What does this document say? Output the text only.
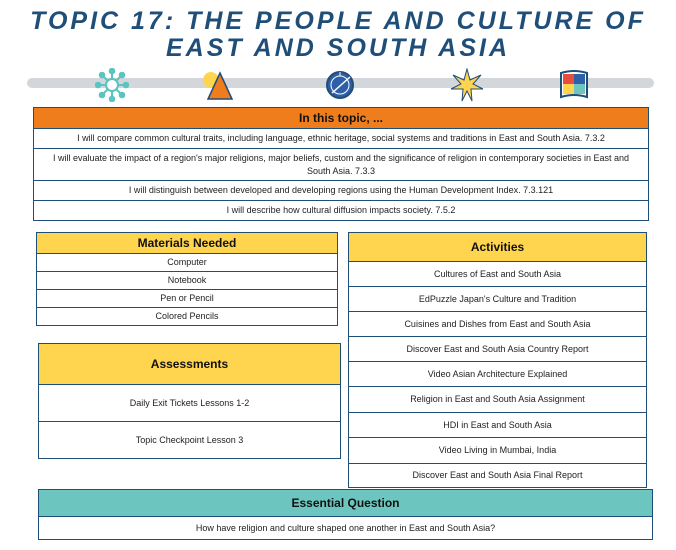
TOPIC 17: THE PEOPLE AND CULTURE OF
EAST AND SOUTH ASIA
In this topic, ...
I will compare common cultural traits, including language, ethnic heritage, social systems and traditions in East and South Asia. 7.3.2
I will evaluate the impact of a region's major religions, major beliefs, custom and the significance of religion in contemporary societies in East and South Asia. 7.3.3
I will distinguish between developed and developing regions using the Human Development Index. 7.3.121
I will describe how cultural diffusion impacts society. 7.5.2
Materials Needed
Computer
Notebook
Pen or Pencil
Colored Pencils
Assessments
Daily Exit Tickets Lessons 1-2
Topic Checkpoint Lesson 3
Activities
Cultures of East and South Asia
EdPuzzle Japan's Culture and Tradition
Cuisines and Dishes from East and South Asia
Discover East and South Asia Country Report
Video Asian Architecture Explained
Religion in East and South Asia Assignment
HDI in East and South Asia
Video Living in Mumbai, India
Discover East and South Asia Final Report
Essential Question
How have religion and culture shaped one another in East and South Asia?
